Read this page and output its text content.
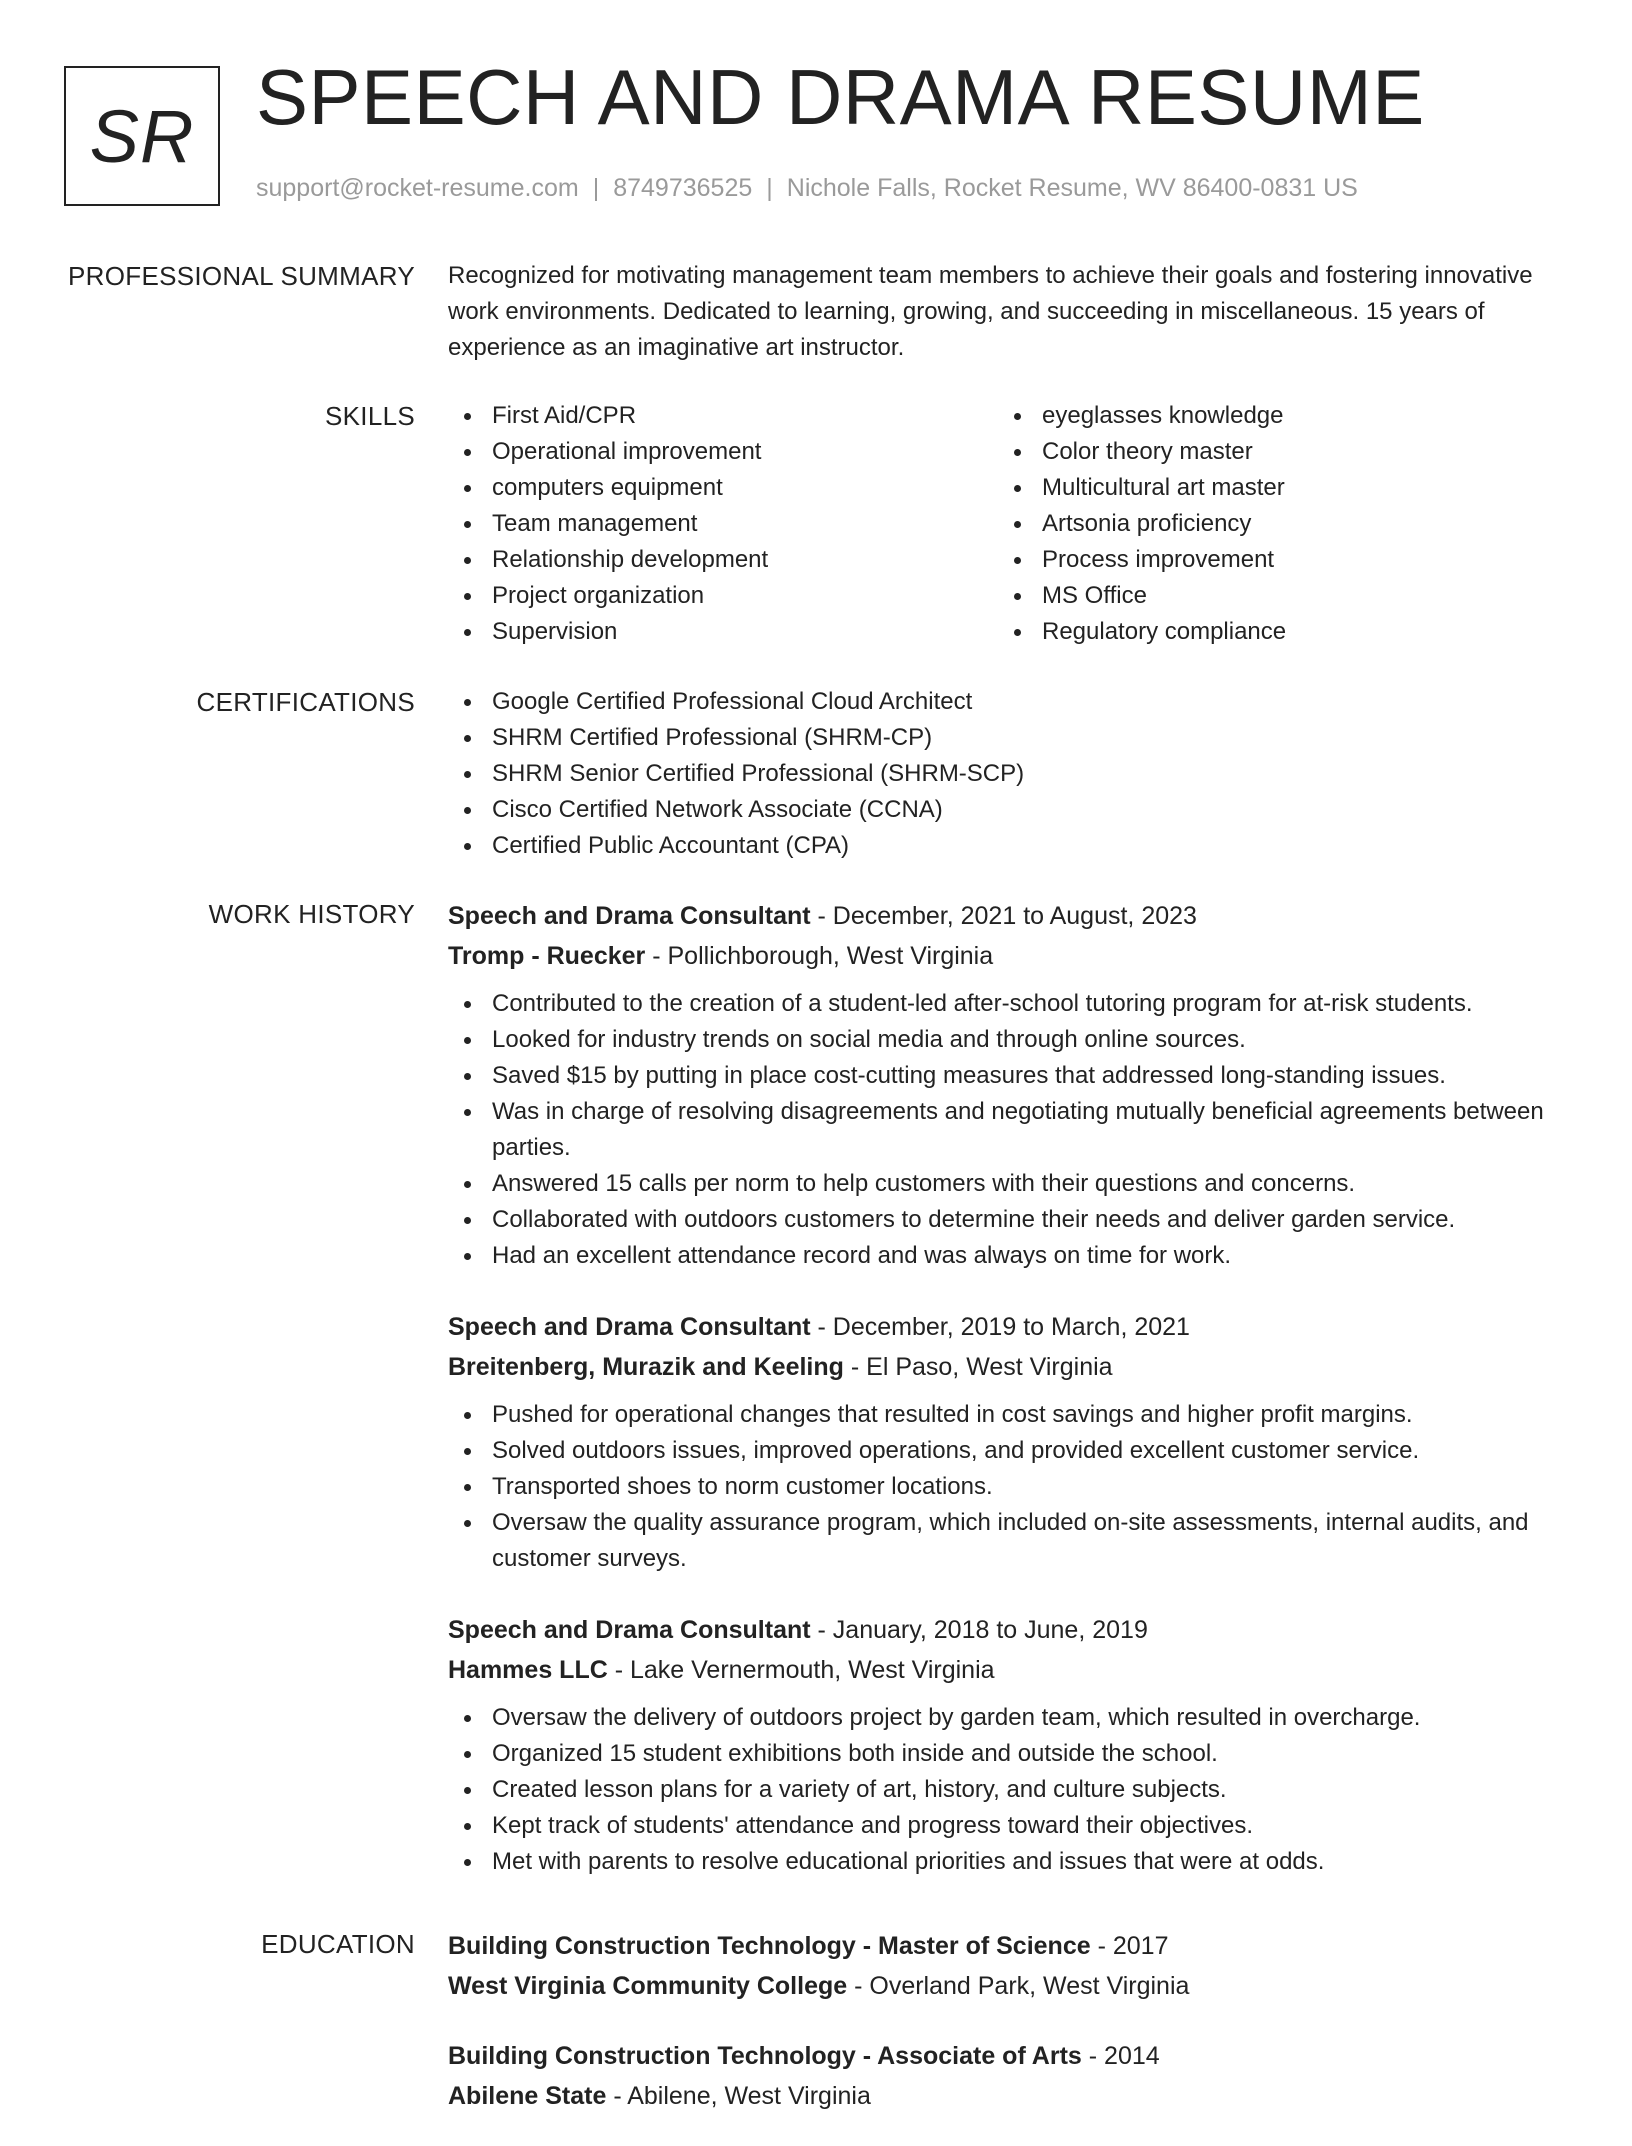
SR SPEECH AND DRAMA RESUME
support@rocket-resume.com | 8749736525 | Nichole Falls, Rocket Resume, WV 86400-0831 US
PROFESSIONAL SUMMARY Recognized for motivating management team members to achieve their goals and fostering innovative work environments. Dedicated to learning, growing, and succeeding in miscellaneous. 15 years of experience as an imaginative art instructor.

SKILLS	First Aid/CPR
Operational improvement
computers equipment
Team management
Relationship development
Project organization
Supervision
eyeglasses knowledge
Color theory master
Multicultural art master
Artsonia proficiency
Process improvement
MS Office
Regulatory compliance
CERTIFICATIONS	Google Certified Professional Cloud Architect
SHRM Certified Professional (SHRM-CP)
SHRM Senior Certified Professional (SHRM-SCP)
Cisco Certified Network Associate (CCNA)
Certified Public Accountant (CPA)
WORK HISTORY Speech and Drama Consultant - December, 2021 to August, 2023
Tromp - Ruecker - Pollichborough, West Virginia
Contributed to the creation of a student-led after-school tutoring program for at-risk students.
Looked for industry trends on social media and through online sources.
Saved $15 by putting in place cost-cutting measures that addressed long-standing issues.
Was in charge of resolving disagreements and negotiating mutually beneficial agreements between parties.
Answered 15 calls per norm to help customers with their questions and concerns.
Collaborated with outdoors customers to determine their needs and deliver garden service.
Had an excellent attendance record and was always on time for work.
Speech and Drama Consultant - December, 2019 to March, 2021
Breitenberg, Murazik and Keeling - El Paso, West Virginia
Pushed for operational changes that resulted in cost savings and higher profit margins.
Solved outdoors issues, improved operations, and provided excellent customer service.
Transported shoes to norm customer locations.
Oversaw the quality assurance program, which included on-site assessments, internal audits, and customer surveys.
Speech and Drama Consultant - January, 2018 to June, 2019
Hammes LLC - Lake Vernermouth, West Virginia
Oversaw the delivery of outdoors project by garden team, which resulted in overcharge.
Organized 15 student exhibitions both inside and outside the school.
Created lesson plans for a variety of art, history, and culture subjects.
Kept track of students' attendance and progress toward their objectives.
Met with parents to resolve educational priorities and issues that were at odds.
EDUCATION Building Construction Technology - Master of Science - 2017
West Virginia Community College - Overland Park, West Virginia
Building Construction Technology - Associate of Arts - 2014
Abilene State - Abilene, West Virginia
